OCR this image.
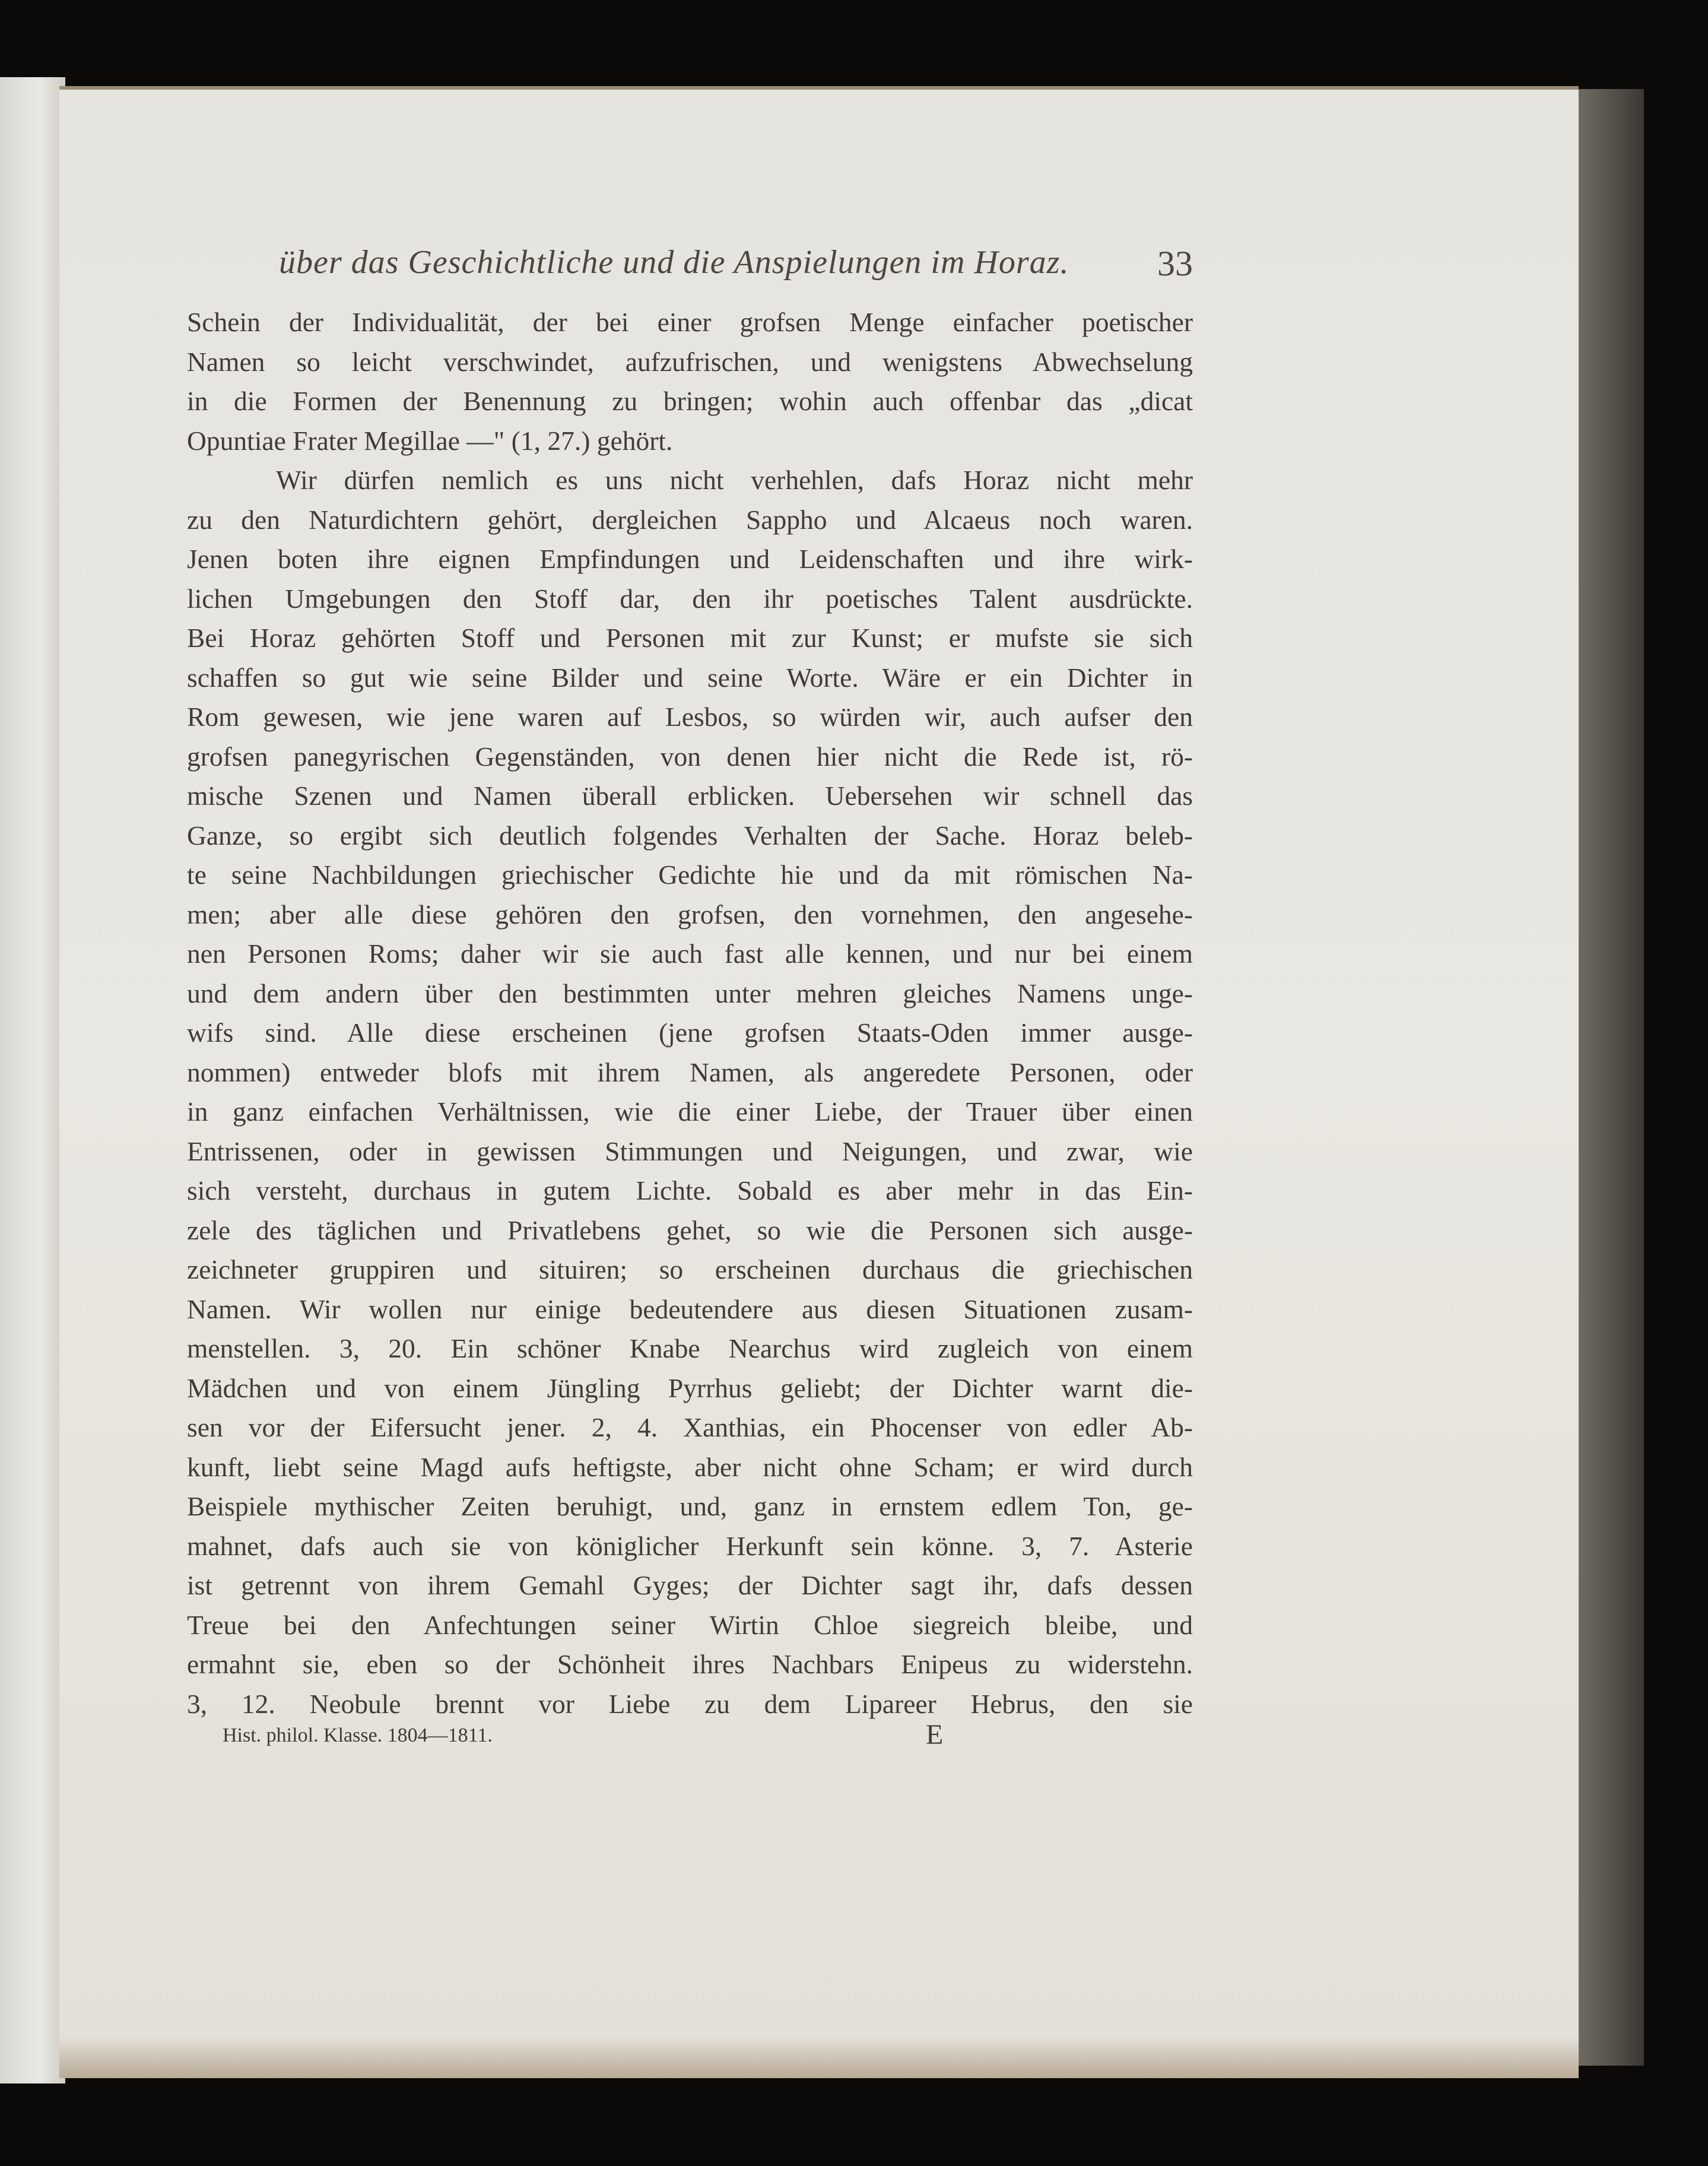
über das Geschichtliche und die Anspielungen im Horaz.	33
Schein der Individualität, der bei einer grofsen Menge einfacher poetischer
Namen so leicht verschwindet, aufzufrischen, und wenigstens Abwechselung
in die Formen der Benennung zu bringen; wohin auch offenbar das „dicat
Opuntiae Frater Megillae —" (1, 27.) gehört.
Wir dürfen nemlich es uns nicht verhehlen, dafs Horaz nicht mehr
zu den Naturdichtern gehört, dergleichen Sappho und Alcaeus noch waren.
Jenen boten ihre eignen Empfindungen und Leidenschaften und ihre wirk-
lichen Umgebungen den Stoff dar, den ihr poetisches Talent ausdrückte.
Bei Horaz gehörten Stoff und Personen mit zur Kunst; er mufste sie sich
schaffen so gut wie seine Bilder und seine Worte. Wäre er ein Dichter in
Rom gewesen, wie jene waren auf Lesbos, so würden wir, auch aufser den
grofsen panegyrischen Gegenständen, von denen hier nicht die Rede ist, rö-
mische Szenen und Namen überall erblicken. Uebersehen wir schnell das
Ganze, so ergibt sich deutlich folgendes Verhalten der Sache. Horaz beleb-
te seine Nachbildungen griechischer Gedichte hie und da mit römischen Na-
men; aber alle diese gehören den grofsen, den vornehmen, den angesehe-
nen Personen Roms; daher wir sie auch fast alle kennen, und nur bei einem
und dem andern über den bestimmten unter mehren gleiches Namens unge-
wifs sind. Alle diese erscheinen (jene grofsen Staats-Oden immer ausge-
nommen) entweder blofs mit ihrem Namen, als angeredete Personen, oder
in ganz einfachen Verhältnissen, wie die einer Liebe, der Trauer über einen
Entrissenen, oder in gewissen Stimmungen und Neigungen, und zwar, wie
sich versteht, durchaus in gutem Lichte. Sobald es aber mehr in das Ein-
zele des täglichen und Privatlebens gehet, so wie die Personen sich ausge-
zeichneter gruppiren und situiren; so erscheinen durchaus die griechischen
Namen. Wir wollen nur einige bedeutendere aus diesen Situationen zusam-
menstellen. 3, 20. Ein schöner Knabe Nearchus wird zugleich von einem
Mädchen und von einem Jüngling Pyrrhus geliebt; der Dichter warnt die-
sen vor der Eifersucht jener. 2, 4. Xanthias, ein Phocenser von edler Ab-
kunft, liebt seine Magd aufs heftigste, aber nicht ohne Scham; er wird durch
Beispiele mythischer Zeiten beruhigt, und, ganz in ernstem edlem Ton, ge-
mahnet, dafs auch sie von königlicher Herkunft sein könne. 3, 7. Asterie
ist getrennt von ihrem Gemahl Gyges; der Dichter sagt ihr, dafs dessen
Treue bei den Anfechtungen seiner Wirtin Chloe siegreich bleibe, und
ermahnt sie, eben so der Schönheit ihres Nachbars Enipeus zu widerstehn.
3, 12. Neobule brennt vor Liebe zu dem Lipareer Hebrus, den sie
Hist. philol. Klasse. 1804—1811.	E
